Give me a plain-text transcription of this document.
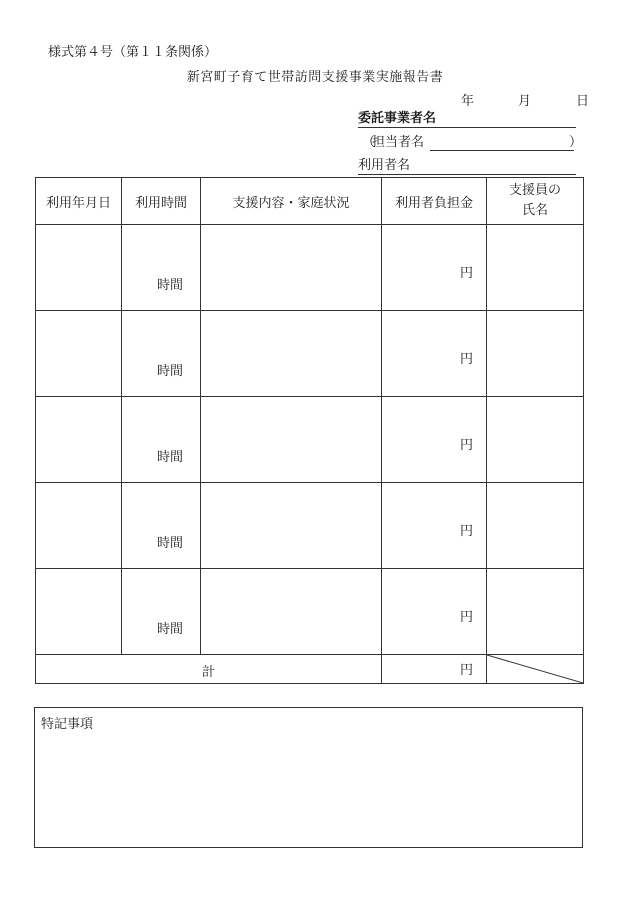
様式第４号（第１１条関係）
新宮町子育て世帯訪問支援事業実施報告書
年	月	日
委託事業者名
（
担当者名	）
利用者名
利用年月日	利用時間	支援内容・家庭状況	利用者負担金	支援員の
氏名

	時間		円	

	時間		円	

	時間		円	

	時間		円	

	時間		円	

計			円

特記事項
